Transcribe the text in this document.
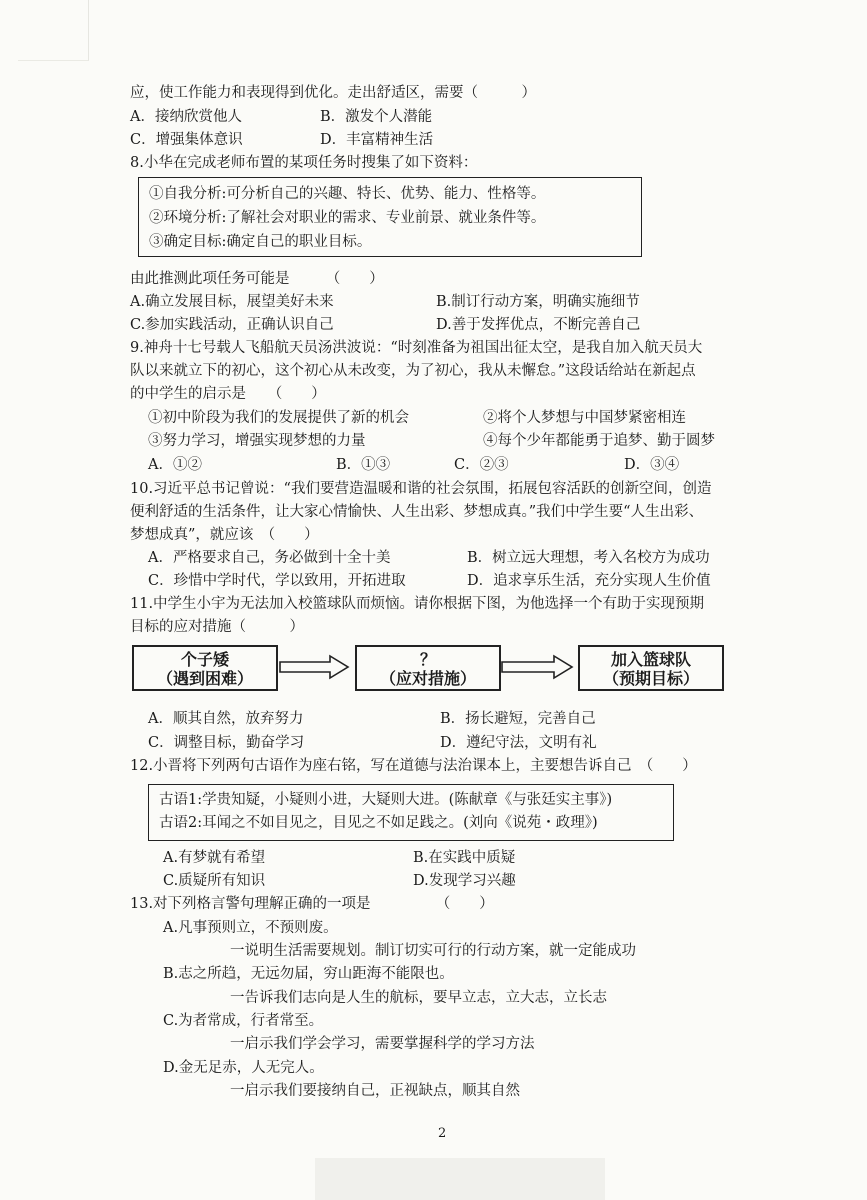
应，使工作能力和表现得到优化。走出舒适区，需要（　　　）
A．接纳欣赏他人	B．激发个人潜能
C．增强集体意识	D．丰富精神生活
8.小华在完成老师布置的某项任务时搜集了如下资料：
①自我分析:可分析自己的兴趣、特长、优势、能力、性格等。
②环境分析:了解社会对职业的需求、专业前景、就业条件等。
③确定目标:确定自己的职业目标。
由此推测此项任务可能是　　　（　　）
A.确立发展目标，展望美好未来	B.制订行动方案，明确实施细节
C.参加实践活动，正确认识自己	D.善于发挥优点，不断完善自己
9.神舟十七号载人飞船航天员汤洪波说：“时刻准备为祖国出征太空，是我自加入航天员大
队以来就立下的初心，这个初心从未改变，为了初心，我从未懈怠。”这段话给站在新起点
的中学生的启示是　　（　　）
①初中阶段为我们的发展提供了新的机会	②将个人梦想与中国梦紧密相连
③努力学习，增强实现梦想的力量	④每个少年都能勇于追梦、勤于圆梦
A．①②	B．①③	C．②③	D．③④
10.习近平总书记曾说：“我们要营造温暖和谐的社会氛围，拓展包容活跃的创新空间，创造
便利舒适的生活条件，让大家心情愉快、人生出彩、梦想成真。”我们中学生要“人生出彩、
梦想成真”，就应该　（　　）
A．严格要求自己，务必做到十全十美	B．树立远大理想，考入名校方为成功
C．珍惜中学时代，学以致用，开拓进取	D．追求享乐生活，充分实现人生价值
11.中学生小宇为无法加入校篮球队而烦恼。请你根据下图，为他选择一个有助于实现预期
目标的应对措施（　　　）
个子矮
（遇到困难）
？
（应对措施）
加入篮球队
（预期目标）
A．顺其自然，放弃努力	B．扬长避短，完善自己
C．调整目标，勤奋学习	D．遵纪守法，文明有礼
12.小晋将下列两句古语作为座右铭，写在道德与法治课本上，主要想告诉自己　（　　）
古语1:学贵知疑，小疑则小进，大疑则大进。(陈献章《与张廷实主事》)
古语2:耳闻之不如目见之，目见之不如足践之。(刘向《说苑・政理》)
A.有梦就有希望	B.在实践中质疑
C.质疑所有知识	D.发现学习兴趣
13.对下列格言警句理解正确的一项是　　　　　（　　）
A.凡事预则立，不预则废。
一说明生活需要规划。制订切实可行的行动方案，就一定能成功
B.志之所趋，无远勿届，穷山距海不能限也。
一告诉我们志向是人生的航标，要早立志，立大志，立长志
C.为者常成，行者常至。
一启示我们学会学习，需要掌握科学的学习方法
D.金无足赤，人无完人。
一启示我们要接纳自己，正视缺点，顺其自然
2
